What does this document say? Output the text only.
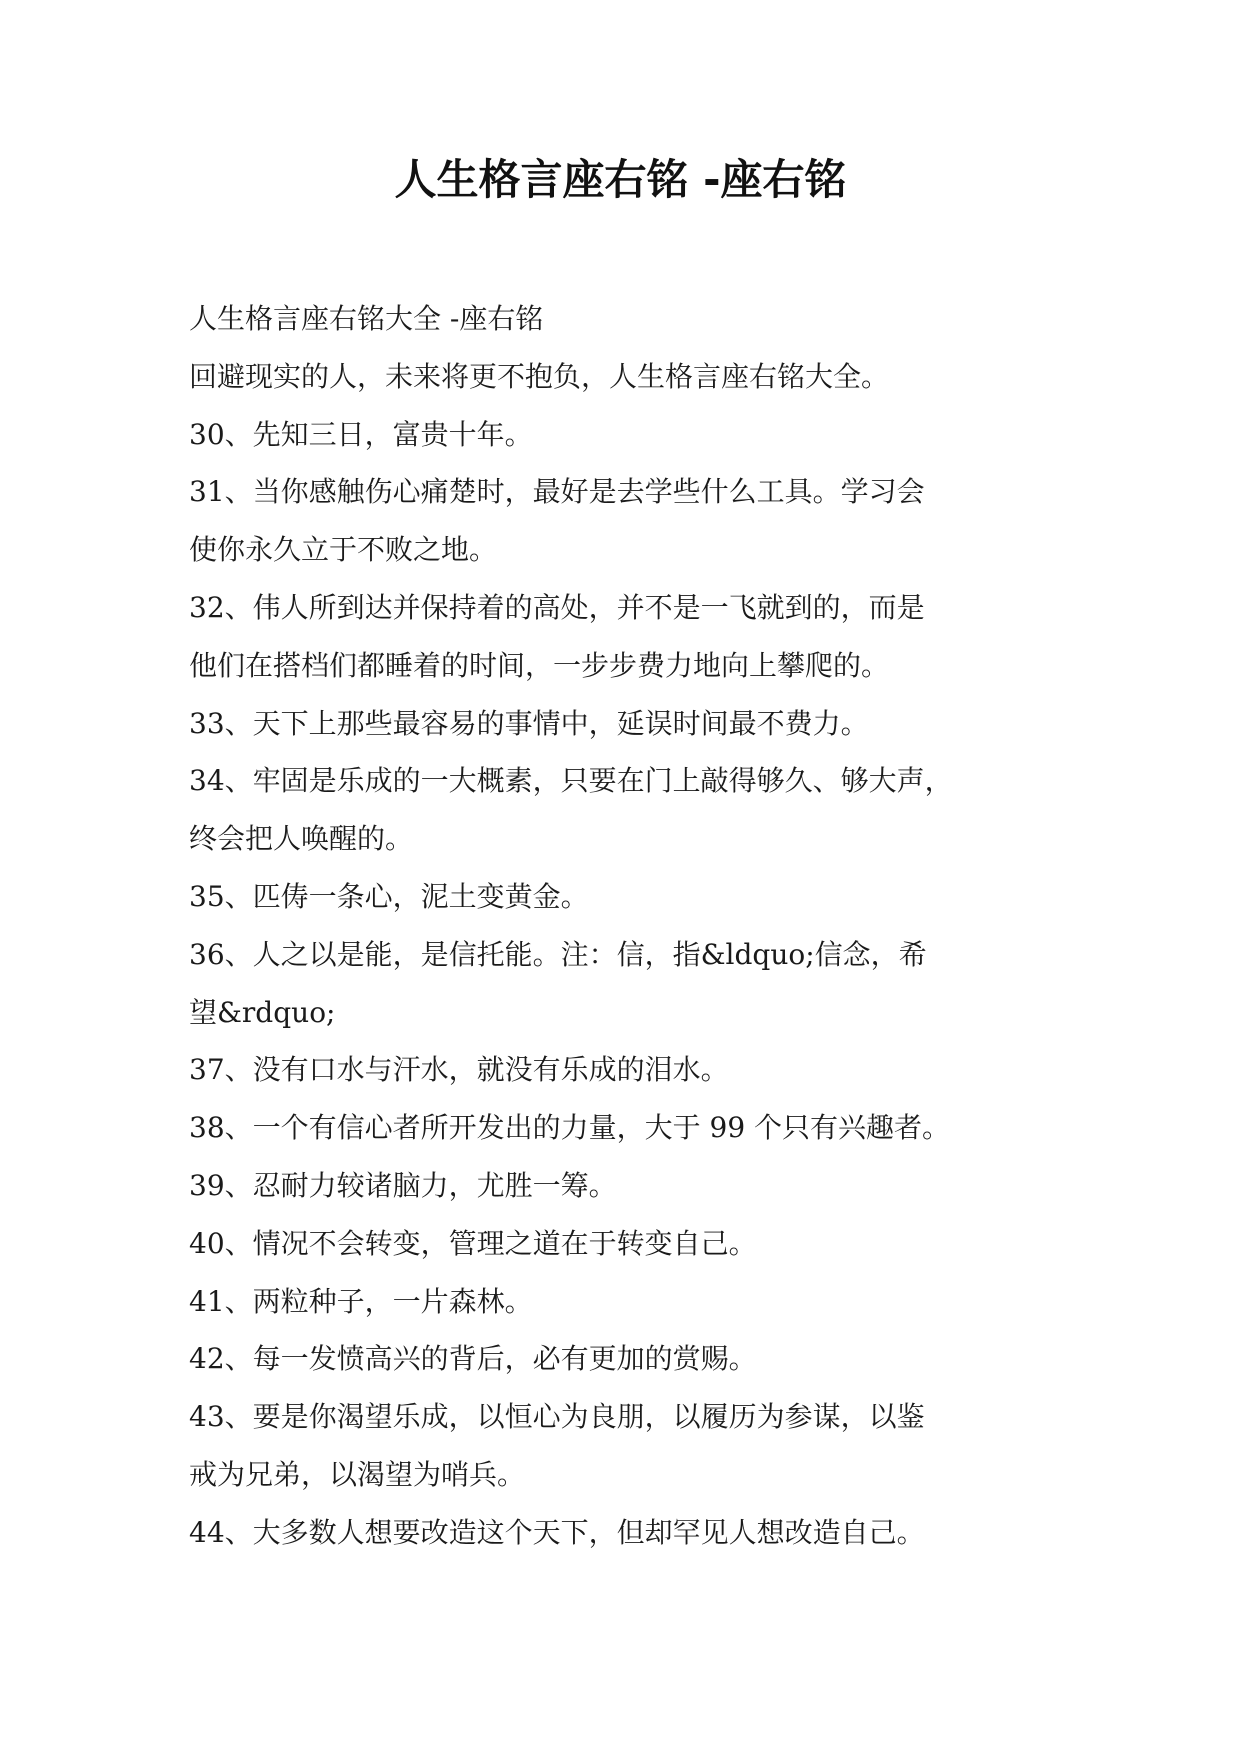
人生格言座右铭 -座右铭
人生格言座右铭大全 -座右铭
回避现实的人，未来将更不抱负，人生格言座右铭大全。
30、先知三日，富贵十年。
31、当你感触伤心痛楚时，最好是去学些什么工具。学习会
使你永久立于不败之地。
32、伟人所到达并保持着的高处，并不是一飞就到的，而是
他们在搭档们都睡着的时间，一步步费力地向上攀爬的。
33、天下上那些最容易的事情中，延误时间最不费力。
34、牢固是乐成的一大概素，只要在门上敲得够久、够大声，
终会把人唤醒的。
35、匹俦一条心，泥土变黄金。
36、人之以是能，是信托能。注：信，指&ldquo;信念，希
望&rdquo;
37、没有口水与汗水，就没有乐成的泪水。
38、一个有信心者所开发出的力量，大于 99 个只有兴趣者。
39、忍耐力较诸脑力，尤胜一筹。
40、情况不会转变，管理之道在于转变自己。
41、两粒种子，一片森林。
42、每一发愤高兴的背后，必有更加的赏赐。
43、要是你渴望乐成，以恒心为良朋，以履历为参谋，以鉴
戒为兄弟，以渴望为哨兵。
44、大多数人想要改造这个天下，但却罕见人想改造自己。
